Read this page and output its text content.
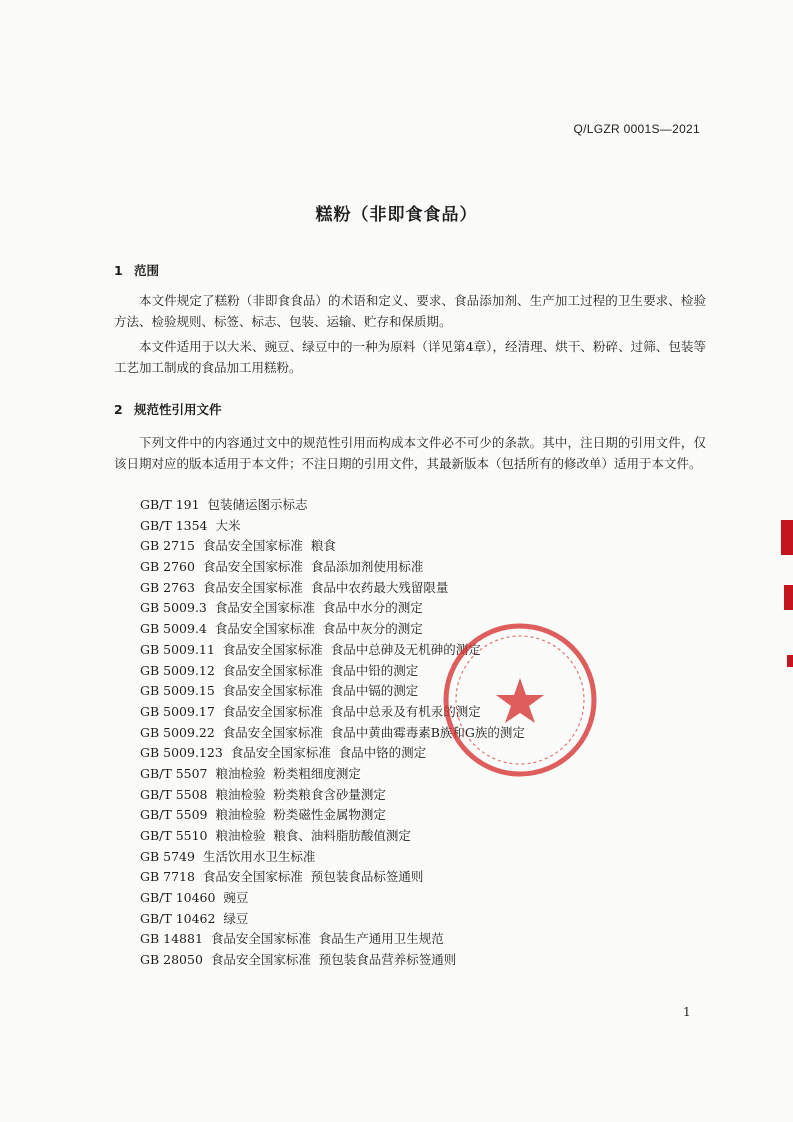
Q/LGZR 0001S—2021
糕粉（非即食食品）
1 范围

本文件规定了糕粉（非即食食品）的术语和定义、要求、食品添加剂、生产加工过程的卫生要求、检验方法、检验规则、标签、标志、包装、运输、贮存和保质期。

本文件适用于以大米、豌豆、绿豆中的一种为原料（详见第4章），经清理、烘干、粉碎、过筛、包装等工艺加工制成的食品加工用糕粉。

2 规范性引用文件

下列文件中的内容通过文中的规范性引用而构成本文件必不可少的条款。其中，注日期的引用文件，仅该日期对应的版本适用于本文件；不注日期的引用文件，其最新版本（包括所有的修改单）适用于本文件。

GB/T 191  包装储运图示标志
GB/T 1354  大米
GB 2715  食品安全国家标准  粮食
GB 2760  食品安全国家标准  食品添加剂使用标准
GB 2763  食品安全国家标准  食品中农药最大残留限量
GB 5009.3  食品安全国家标准  食品中水分的测定
GB 5009.4  食品安全国家标准  食品中灰分的测定
GB 5009.11  食品安全国家标准  食品中总砷及无机砷的测定
GB 5009.12  食品安全国家标准  食品中铅的测定
GB 5009.15  食品安全国家标准  食品中镉的测定
GB 5009.17  食品安全国家标准  食品中总汞及有机汞的测定
GB 5009.22  食品安全国家标准  食品中黄曲霉毒素B族和G族的测定
GB 5009.123  食品安全国家标准  食品中铬的测定
GB/T 5507  粮油检验  粉类粗细度测定
GB/T 5508  粮油检验  粉类粮食含砂量测定
GB/T 5509  粮油检验  粉类磁性金属物测定
GB/T 5510  粮油检验  粮食、油料脂肪酸值测定
GB 5749  生活饮用水卫生标准
GB 7718  食品安全国家标准  预包装食品标签通则
GB/T 10460  豌豆
GB/T 10462  绿豆
GB 14881  食品安全国家标准  食品生产通用卫生规范
GB 28050  食品安全国家标准  预包装食品营养标签通则
1
